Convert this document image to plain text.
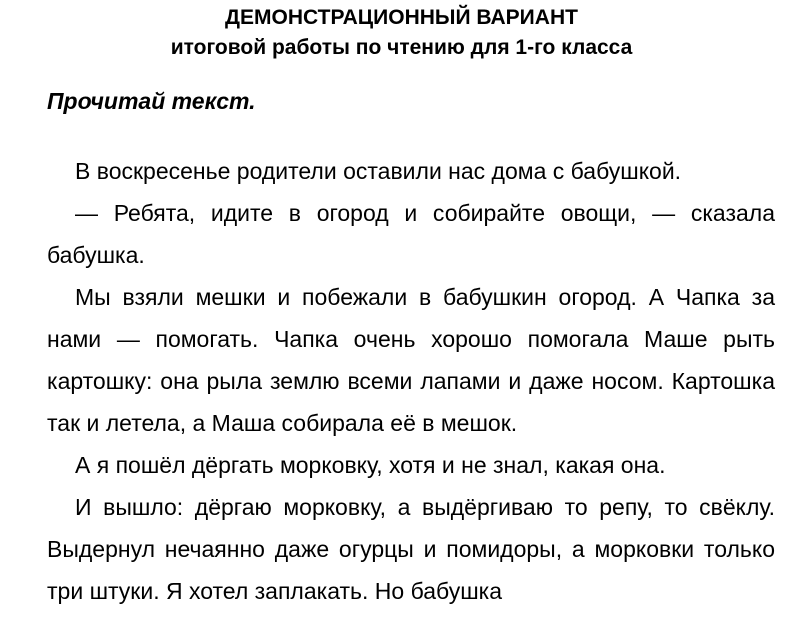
ДЕМОНСТРАЦИОННЫЙ ВАРИАНТ
итоговой работы по чтению для 1-го класса

Прочитай текст.

В воскресенье родители оставили нас дома с бабушкой.

— Ребята, идите в огород и собирайте овощи, — сказала бабушка.

Мы взяли мешки и побежали в бабушкин огород. А Чапка за нами — помогать. Чапка очень хорошо помогала Маше рыть картошку: она рыла землю всеми лапами и даже носом. Картошка так и летела, а Маша собирала её в мешок.

А я пошёл дёргать морковку, хотя и не знал, какая она.

И вышло: дёргаю морковку, а выдёргиваю то репу, то свёклу. Выдернул нечаянно даже огурцы и помидоры, а морковки только три штуки. Я хотел заплакать. Но бабушка
